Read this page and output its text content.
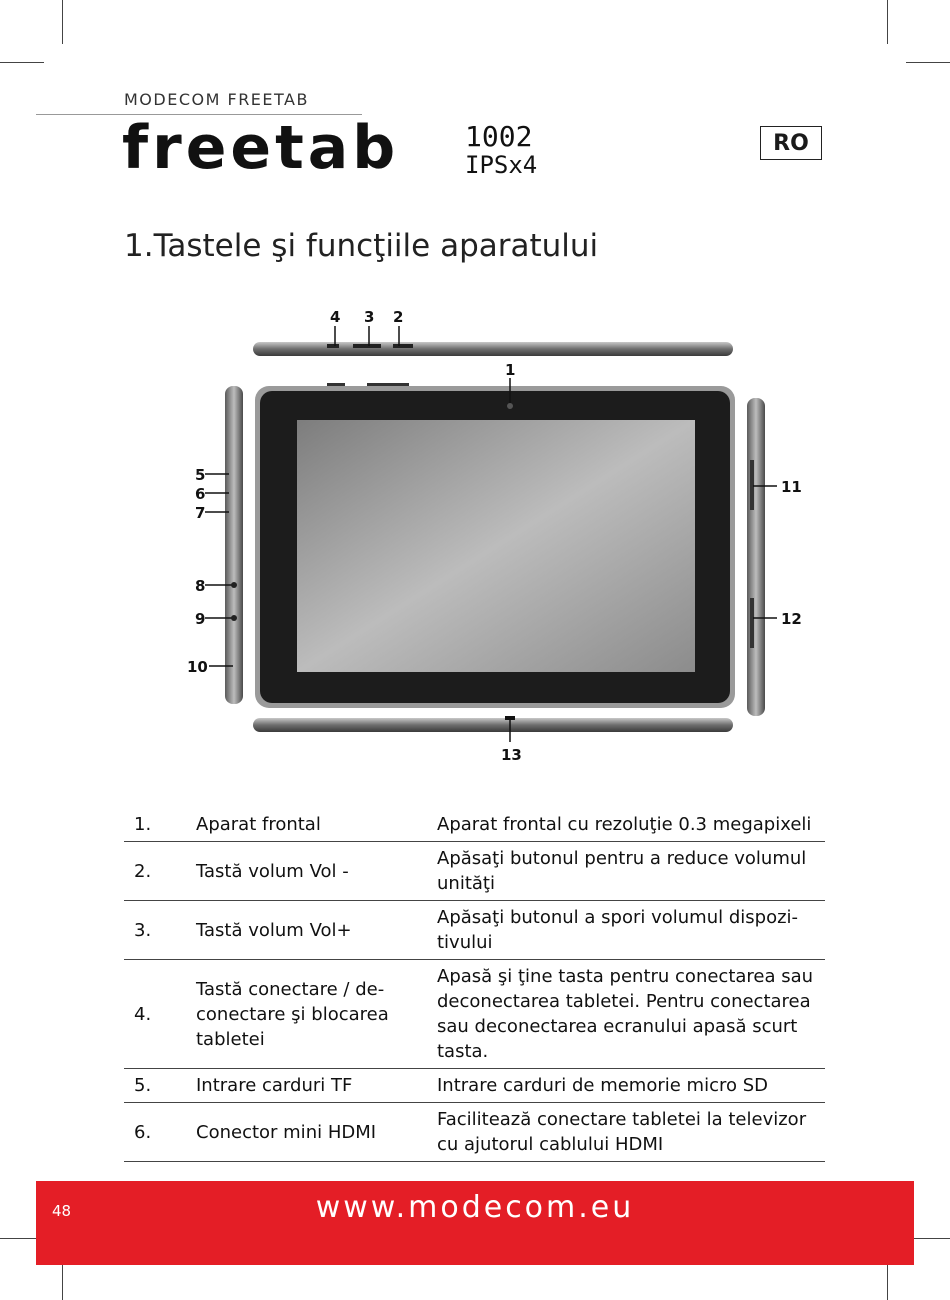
MODECOM FREETAB
freetab 1002
IPSx4
RO
1.Tastele şi funcţiile aparatului
4 3 2
1
5
6
7
8
9
10
11
12
13
1.	Aparat frontal	Aparat frontal cu rezoluţie 0.3 megapixeli
2.	Tastă volum Vol -	Apăsaţi butonul pentru a reduce volumul unităţi
3.	Tastă volum Vol+	Apăsaţi butonul a spori volumul dispozi-tivului
4.	Tastă conectare / de-conectare şi blocarea tabletei	Apasă şi ţine tasta pentru conectarea sau deconectarea tabletei. Pentru conectarea sau deconectarea ecranului apasă scurt tasta.
5.	Intrare carduri TF	Intrare carduri de memorie micro SD
6.	Conector mini HDMI	Facilitează conectare tabletei la televizor cu ajutorul cablului HDMI
48	www.modecom.eu
